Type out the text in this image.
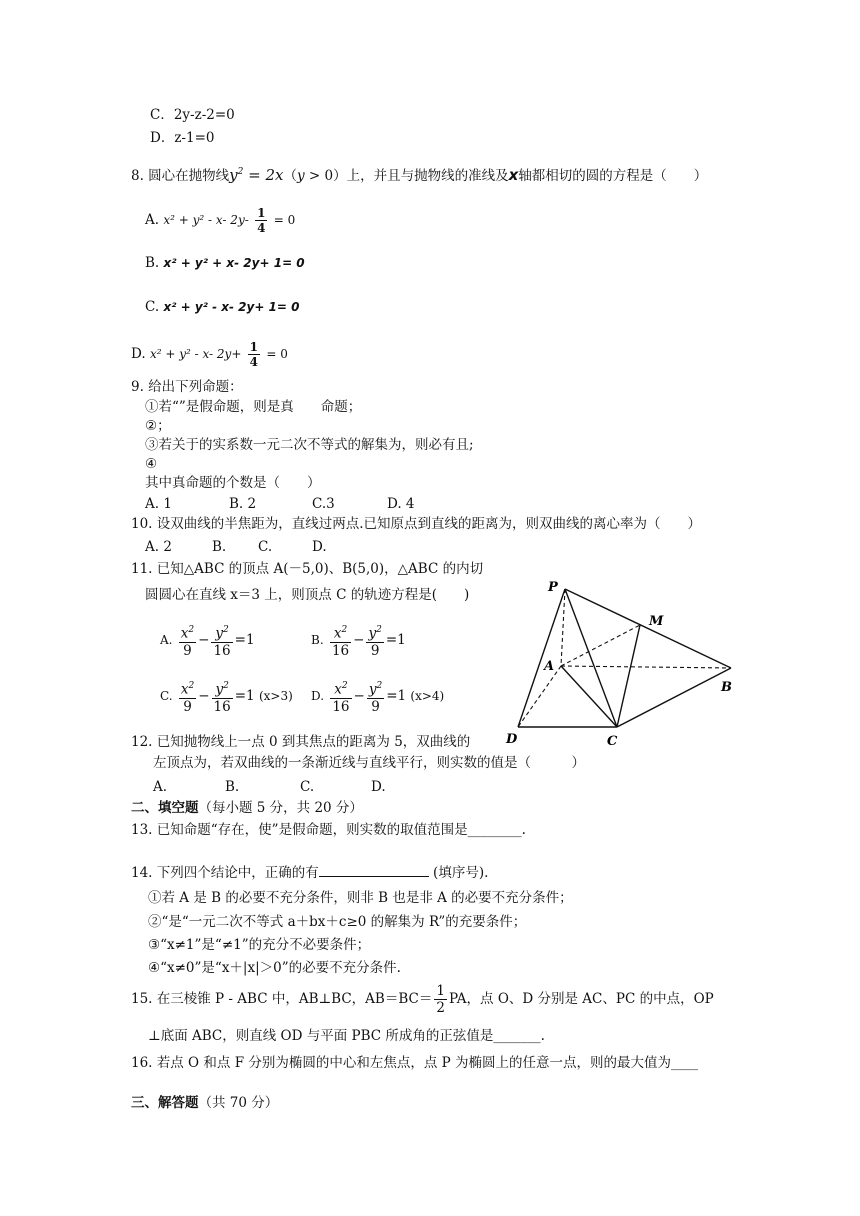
C．2y-z-2=0
D．z-1=0
8. 圆心在抛物线$y^2 = 2x(y > 0)$上，并且与抛物线的准线及x轴都相切的圆的方程是（　　）
A. x² + y² - x- $2y- \frac{1}{4} = 0$
B. x² + y² + x- 2y+ 1= 0
C. x² + y² - x- 2y+ 1= 0
D. x² + y² - x- $2y+ \frac{1}{4} = 0$
9. 给出下列命题：
①若“”是假命题，则是真　　命题；
②；
③若关于的实系数一元二次不等式的解集为，则必有且;
④
其中真命题的个数是（　　）
A. 1	B. 2	C.3	D. 4
10. 设双曲线的半焦距为，直线过两点.已知原点到直线的距离为，则双曲线的离心率为（　　）
A. 2	B. C.	D.
11. 已知△ABC 的顶点 A(－5,0)、B(5,0)，△ABC 的内切
圆圆心在直线 x＝3 上，则顶点 C 的轨迹方程是(　　)
A. $\frac{x^2}{9} - \frac{y^2}{16} =1$	B. $\frac{x^2}{16} - \frac{y^2}{9} =1$
C. $\frac{x^2}{9} - \frac{y^2}{16} =1$ (x>3) D. $\frac{x^2}{16} - \frac{y^2}{9} =1$ (x>4)
P
M
A
B
D	C
12. 已知抛物线上一点 0 到其焦点的距离为 5，双曲线的
左顶点为，若双曲线的一条渐近线与直线平行，则实数的值是（　　　）
A.	B.	C.	D.
二、填空题（每小题 5 分，共 20 分）
13. 已知命题“存在，使”是假命题，则实数的取值范围是________.
14. 下列四个结论中，正确的有	(填序号).
①若 A 是 B 的必要不充分条件，则非 B 也是非 A 的必要不充分条件；
②“是“一元二次不等式 a＋bx＋c≥0 的解集为 R”的充要条件；
③“x≠1”是“≠1”的充分不必要条件；
④“x≠0”是“x＋|x|＞0”的必要不充分条件.
15. 在三棱锥 P - ABC 中，AB⊥BC，$AB=BC= \frac{1}{2}$ PA，点 O、D 分别是 AC、PC 的中点，OP
⊥底面 ABC，则直线 OD 与平面 PBC 所成角的正弦值是_______.
16. 若点 O 和点 F 分别为椭圆的中心和左焦点，点 P 为椭圆上的任意一点，则的最大值为____
三、解答题（共 70 分）
